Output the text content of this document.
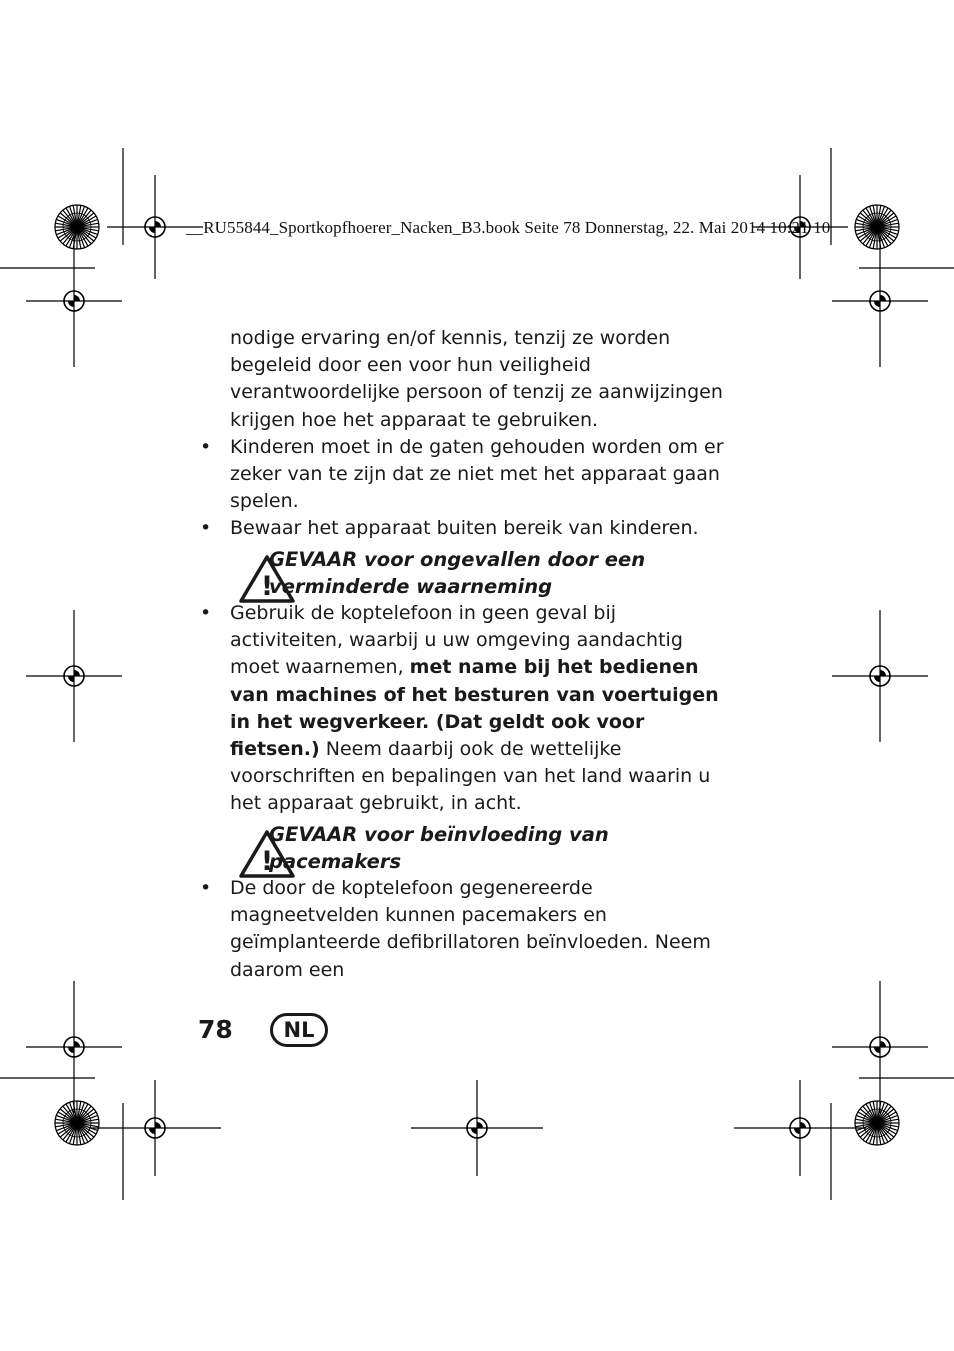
__RU55844_Sportkopfhoerer_Nacken_B3.book Seite 78 Donnerstag, 22. Mai 2014 10:21 10

nodige ervaring en/of kennis, tenzij ze worden begeleid door een voor hun veiligheid verantwoordelijke persoon of tenzij ze aanwijzingen krijgen hoe het apparaat te gebruiken.

• Kinderen moet in de gaten gehouden worden om er zeker van te zijn dat ze niet met het apparaat gaan spelen.
• Bewaar het apparaat buiten bereik van kinderen.
!
GEVAAR voor ongevallen door een
verminderde waarneming
• Gebruik de koptelefoon in geen geval bij activiteiten, waarbij u uw omgeving aandachtig moet waarnemen, met name bij het bedienen van machines of het besturen van voertuigen in het wegverkeer. (Dat geldt ook voor fietsen.) Neem daarbij ook de wettelijke voorschriften en bepalingen van het land waarin u het apparaat gebruikt, in acht.
!
GEVAAR voor beïnvloeding van
pacemakers
• De door de koptelefoon gegenereerde magneetvelden kunnen pacemakers en geïmplanteerde defibrillatoren beïnvloeden. Neem daarom een
78	NL
